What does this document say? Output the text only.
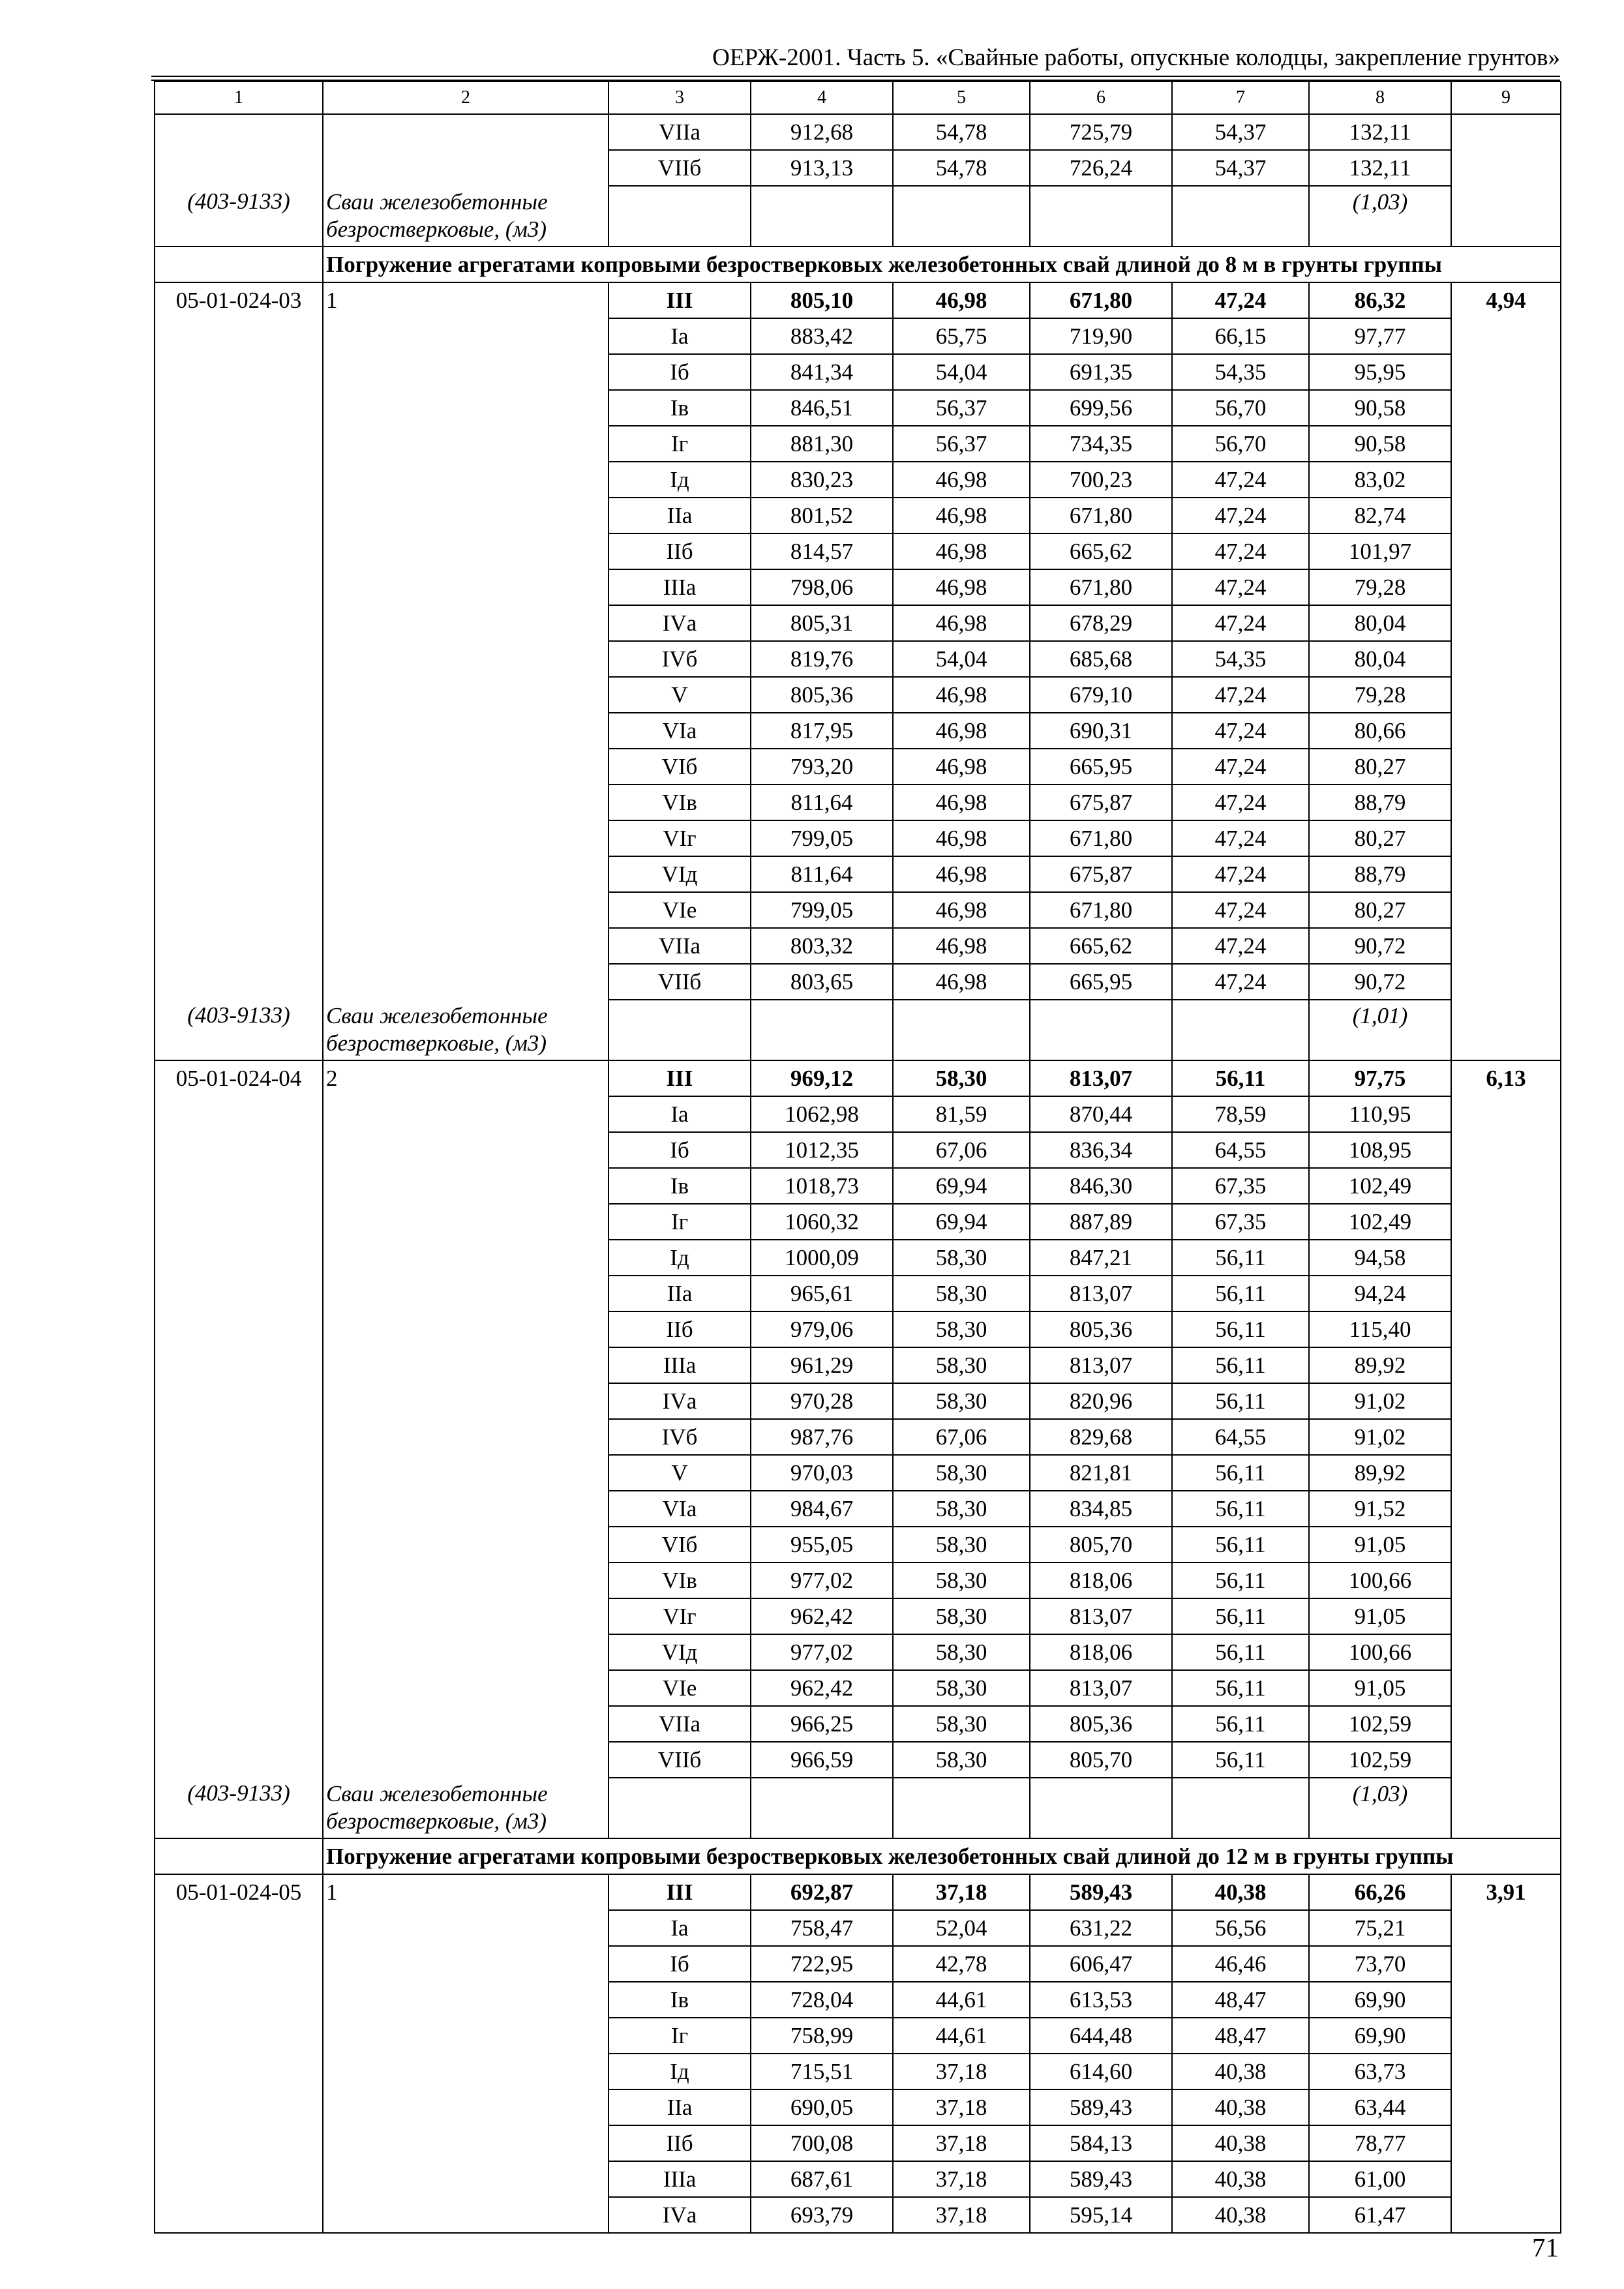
ОЕРЖ-2001. Часть 5. «Свайные работы, опускные колодцы, закрепление грунтов»
1	2	3	4	5	6	7	8	9
		VIIа	912,68	54,78	725,79	54,37	132,11	
		VIIб	913,13	54,78	726,24	54,37	132,11	
(403-9133)	Сваи железобетонные безростверковые, (м3)						(1,03)	
	Погружение агрегатами копровыми безростверковых железобетонных свай длиной до 8 м в грунты группы							
05-01-024-03	1	III	805,10	46,98	671,80	47,24	86,32	4,94
		Iа	883,42	65,75	719,90	66,15	97,77	
		Iб	841,34	54,04	691,35	54,35	95,95	
		Iв	846,51	56,37	699,56	56,70	90,58	
		Iг	881,30	56,37	734,35	56,70	90,58	
		Iд	830,23	46,98	700,23	47,24	83,02	
		IIа	801,52	46,98	671,80	47,24	82,74	
		IIб	814,57	46,98	665,62	47,24	101,97	
		IIIа	798,06	46,98	671,80	47,24	79,28	
		IVа	805,31	46,98	678,29	47,24	80,04	
		IVб	819,76	54,04	685,68	54,35	80,04	
		V	805,36	46,98	679,10	47,24	79,28	
		VIа	817,95	46,98	690,31	47,24	80,66	
		VIб	793,20	46,98	665,95	47,24	80,27	
		VIв	811,64	46,98	675,87	47,24	88,79	
		VIг	799,05	46,98	671,80	47,24	80,27	
		VIд	811,64	46,98	675,87	47,24	88,79	
		VIе	799,05	46,98	671,80	47,24	80,27	
		VIIа	803,32	46,98	665,62	47,24	90,72	
		VIIб	803,65	46,98	665,95	47,24	90,72	
(403-9133)	Сваи железобетонные безростверковые, (м3)						(1,01)	
05-01-024-04	2	III	969,12	58,30	813,07	56,11	97,75	6,13
		Iа	1062,98	81,59	870,44	78,59	110,95	
		Iб	1012,35	67,06	836,34	64,55	108,95	
		Iв	1018,73	69,94	846,30	67,35	102,49	
		Iг	1060,32	69,94	887,89	67,35	102,49	
		Iд	1000,09	58,30	847,21	56,11	94,58	
		IIа	965,61	58,30	813,07	56,11	94,24	
		IIб	979,06	58,30	805,36	56,11	115,40	
		IIIа	961,29	58,30	813,07	56,11	89,92	
		IVа	970,28	58,30	820,96	56,11	91,02	
		IVб	987,76	67,06	829,68	64,55	91,02	
		V	970,03	58,30	821,81	56,11	89,92	
		VIа	984,67	58,30	834,85	56,11	91,52	
		VIб	955,05	58,30	805,70	56,11	91,05	
		VIв	977,02	58,30	818,06	56,11	100,66	
		VIг	962,42	58,30	813,07	56,11	91,05	
		VIд	977,02	58,30	818,06	56,11	100,66	
		VIе	962,42	58,30	813,07	56,11	91,05	
		VIIа	966,25	58,30	805,36	56,11	102,59	
		VIIб	966,59	58,30	805,70	56,11	102,59	
(403-9133)	Сваи железобетонные безростверковые, (м3)						(1,03)	
	Погружение агрегатами копровыми безростверковых железобетонных свай длиной до 12 м в грунты группы							
05-01-024-05	1	III	692,87	37,18	589,43	40,38	66,26	3,91
		Iа	758,47	52,04	631,22	56,56	75,21	
		Iб	722,95	42,78	606,47	46,46	73,70	
		Iв	728,04	44,61	613,53	48,47	69,90	
		Iг	758,99	44,61	644,48	48,47	69,90	
		Iд	715,51	37,18	614,60	40,38	63,73	
		IIа	690,05	37,18	589,43	40,38	63,44	
		IIб	700,08	37,18	584,13	40,38	78,77	
		IIIа	687,61	37,18	589,43	40,38	61,00	
		IVа	693,79	37,18	595,14	40,38	61,47	
71
